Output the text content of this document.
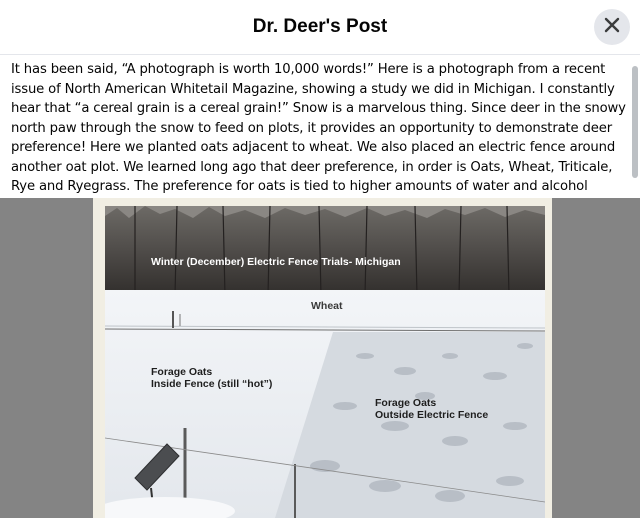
Dr. Deer's Post
It has been said, “A photograph is worth 10,000 words!” Here is a photograph from a recent issue of North American Whitetail Magazine, showing a study we did in Michigan. I constantly hear that “a cereal grain is a cereal grain!” Snow is a marvelous thing. Since deer in the snowy north paw through the snow to feed on plots, it provides an opportunity to demonstrate deer preference! Here we planted oats adjacent to wheat. We also placed an electric fence around another oat plot. We learned long ago that deer preference, in order is Oats, Wheat, Triticale, Rye and Ryegrass. The preference for oats is tied to higher amounts of water and alcohol
Winter (December) Electric Fence Trials- Michigan
Wheat
Forage Oats
Inside Fence (still “hot”)
Forage Oats
Outside Electric Fence
